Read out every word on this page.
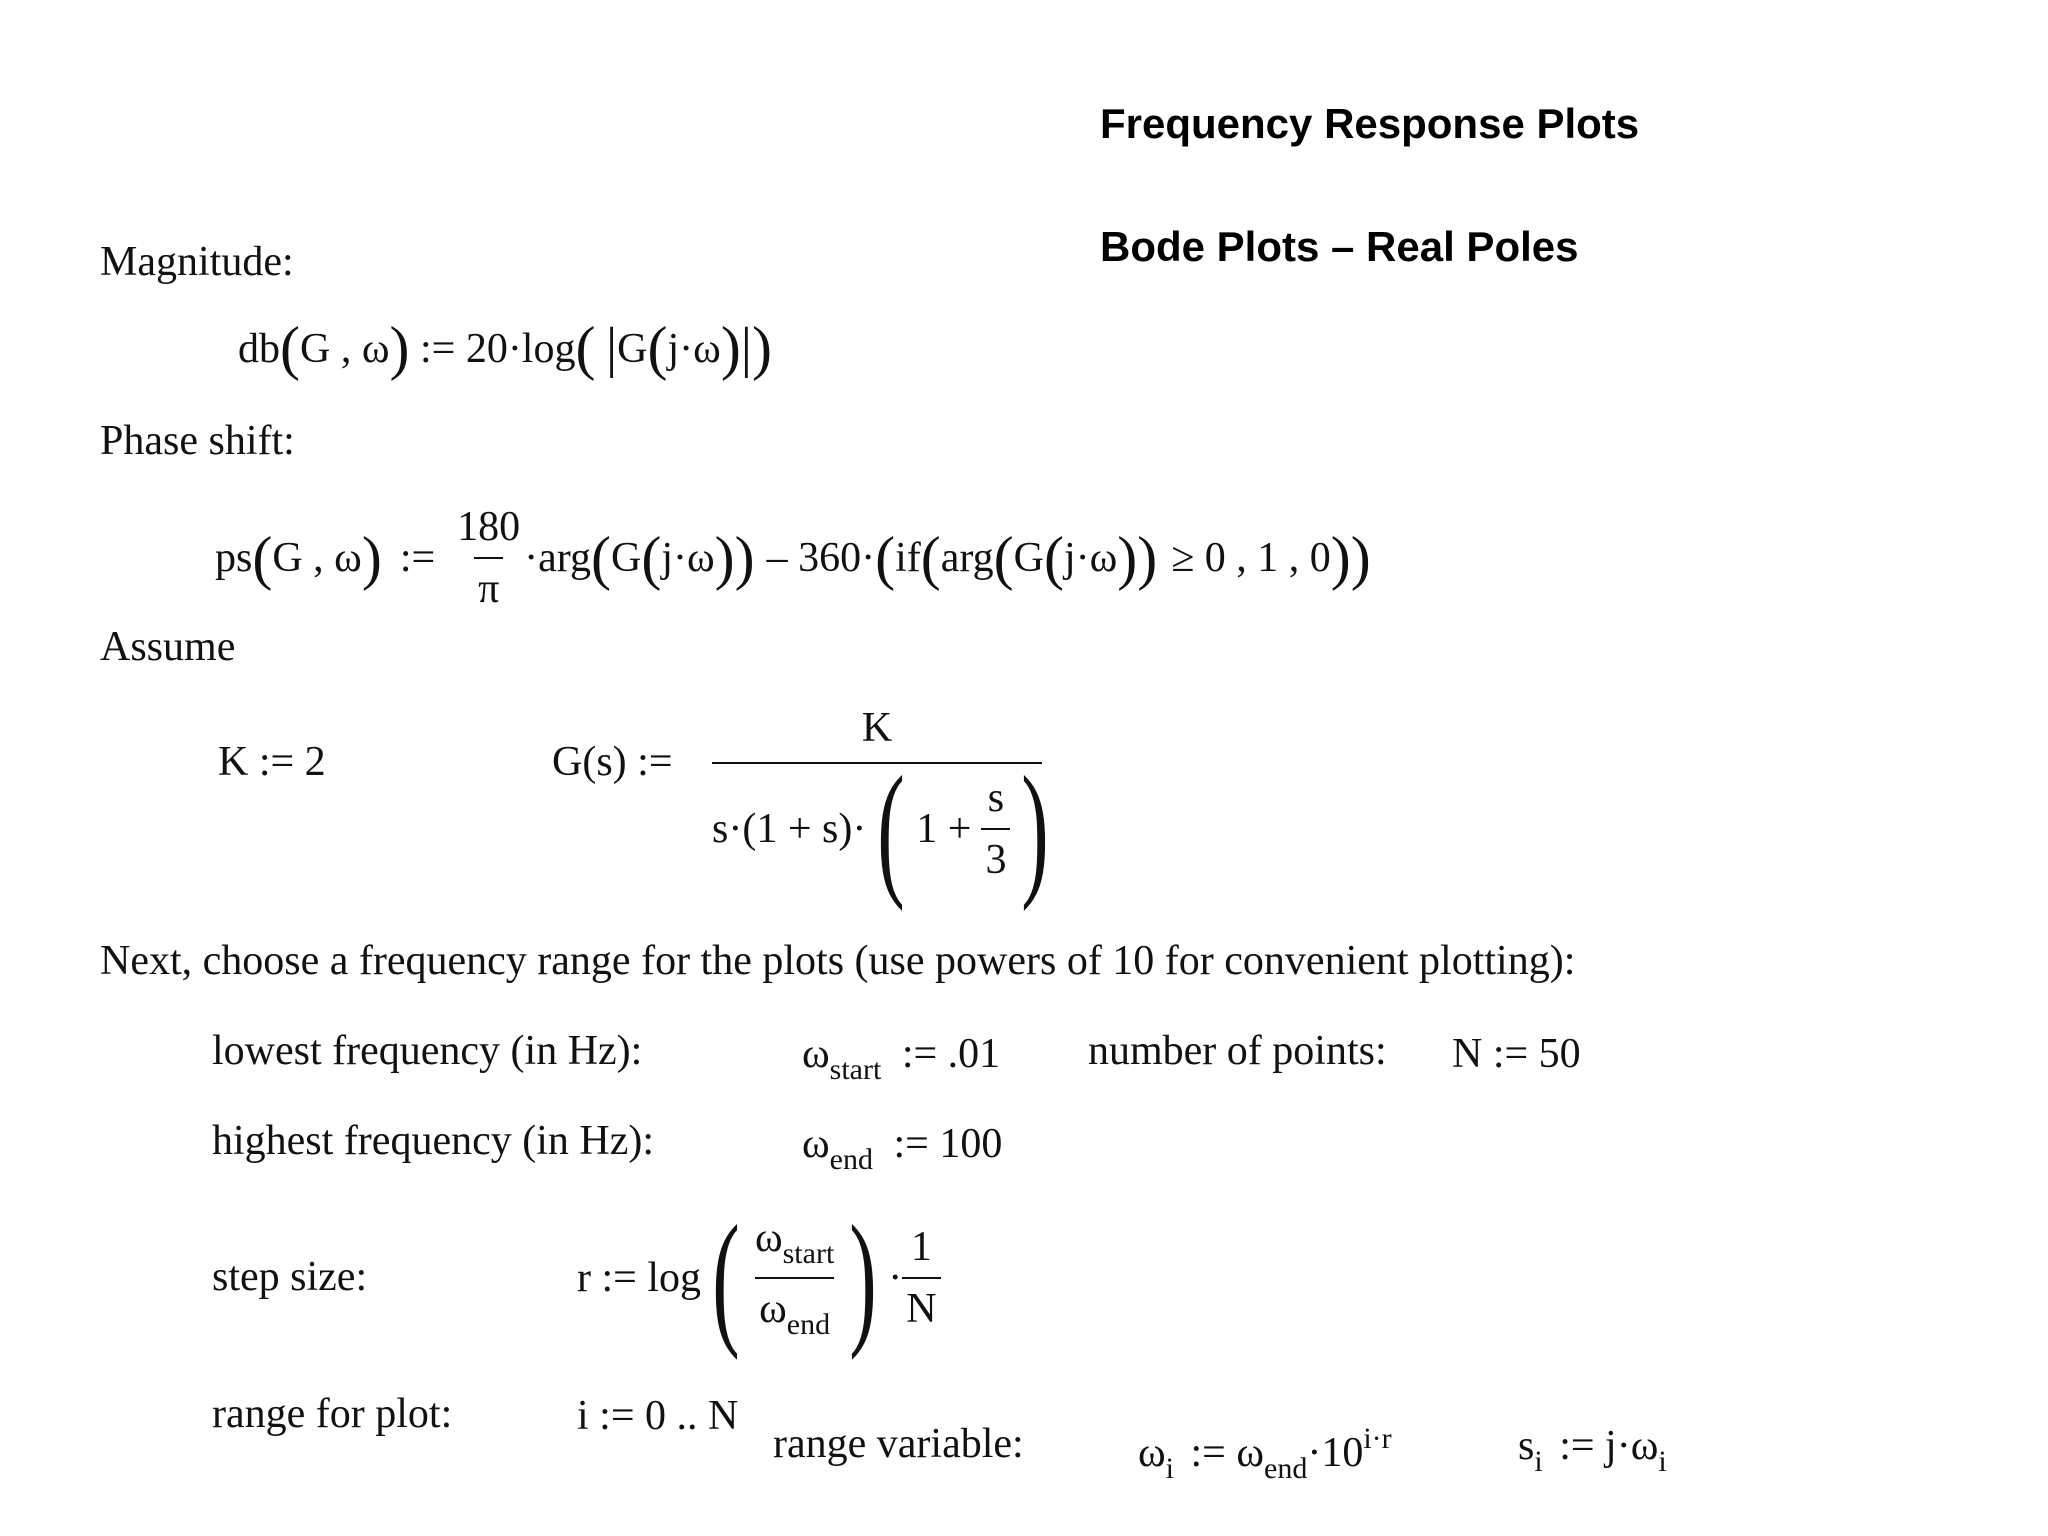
Frequency Response Plots
Bode Plots – Real Poles
Magnitude:
db(G , ω) := 20·log( |G(j·ω)|)
Phase shift:
ps ( G , ω ) := $\frac{180}{\pi} \cdot arg$ ( G ( j·ω )) – 360· ( if ( arg ( G ( j·ω )) ≥ 0 , 1 , 0 ))
Assume
K := 2	G(s) :=
K
s·(1 + s)· ( $1 + \frac{s}{3}$ )
Next, choose a frequency range for the plots (use powers of 10 for convenient plotting):
lowest frequency (in Hz):	$\omega_{start}$ := .01 number of points: N := 50
highest frequency (in Hz):	$\omega_{end}$ := 100
step size:	r := log ( $\frac{\omega_{start}}{\omega_{end}}$ ) · $\frac{1}{N}$
range for plot:	i := 0 .. N
range variable:	$\omega_i$ := $\omega_{end}\cdot 10^{i\cdot r}$	$s_i$ := $j\cdot\omega_i$
